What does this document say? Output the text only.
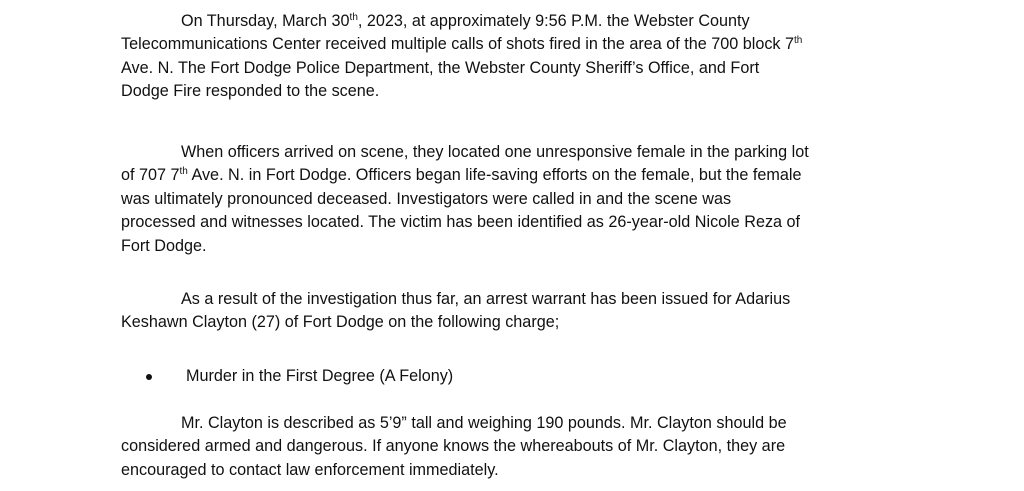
On Thursday, March 30th, 2023, at approximately 9:56 P.M. the Webster County
Telecommunications Center received multiple calls of shots fired in the area of the 700 block 7th
Ave. N. The Fort Dodge Police Department, the Webster County Sheriff’s Office, and Fort
Dodge Fire responded to the scene.

When officers arrived on scene, they located one unresponsive female in the parking lot
of 707 7th Ave. N. in Fort Dodge. Officers began life-saving efforts on the female, but the female
was ultimately pronounced deceased. Investigators were called in and the scene was
processed and witnesses located. The victim has been identified as 26-year-old Nicole Reza of
Fort Dodge.

As a result of the investigation thus far, an arrest warrant has been issued for Adarius
Keshawn Clayton (27) of Fort Dodge on the following charge;

Murder in the First Degree (A Felony)

Mr. Clayton is described as 5’9” tall and weighing 190 pounds. Mr. Clayton should be
considered armed and dangerous. If anyone knows the whereabouts of Mr. Clayton, they are
encouraged to contact law enforcement immediately.
